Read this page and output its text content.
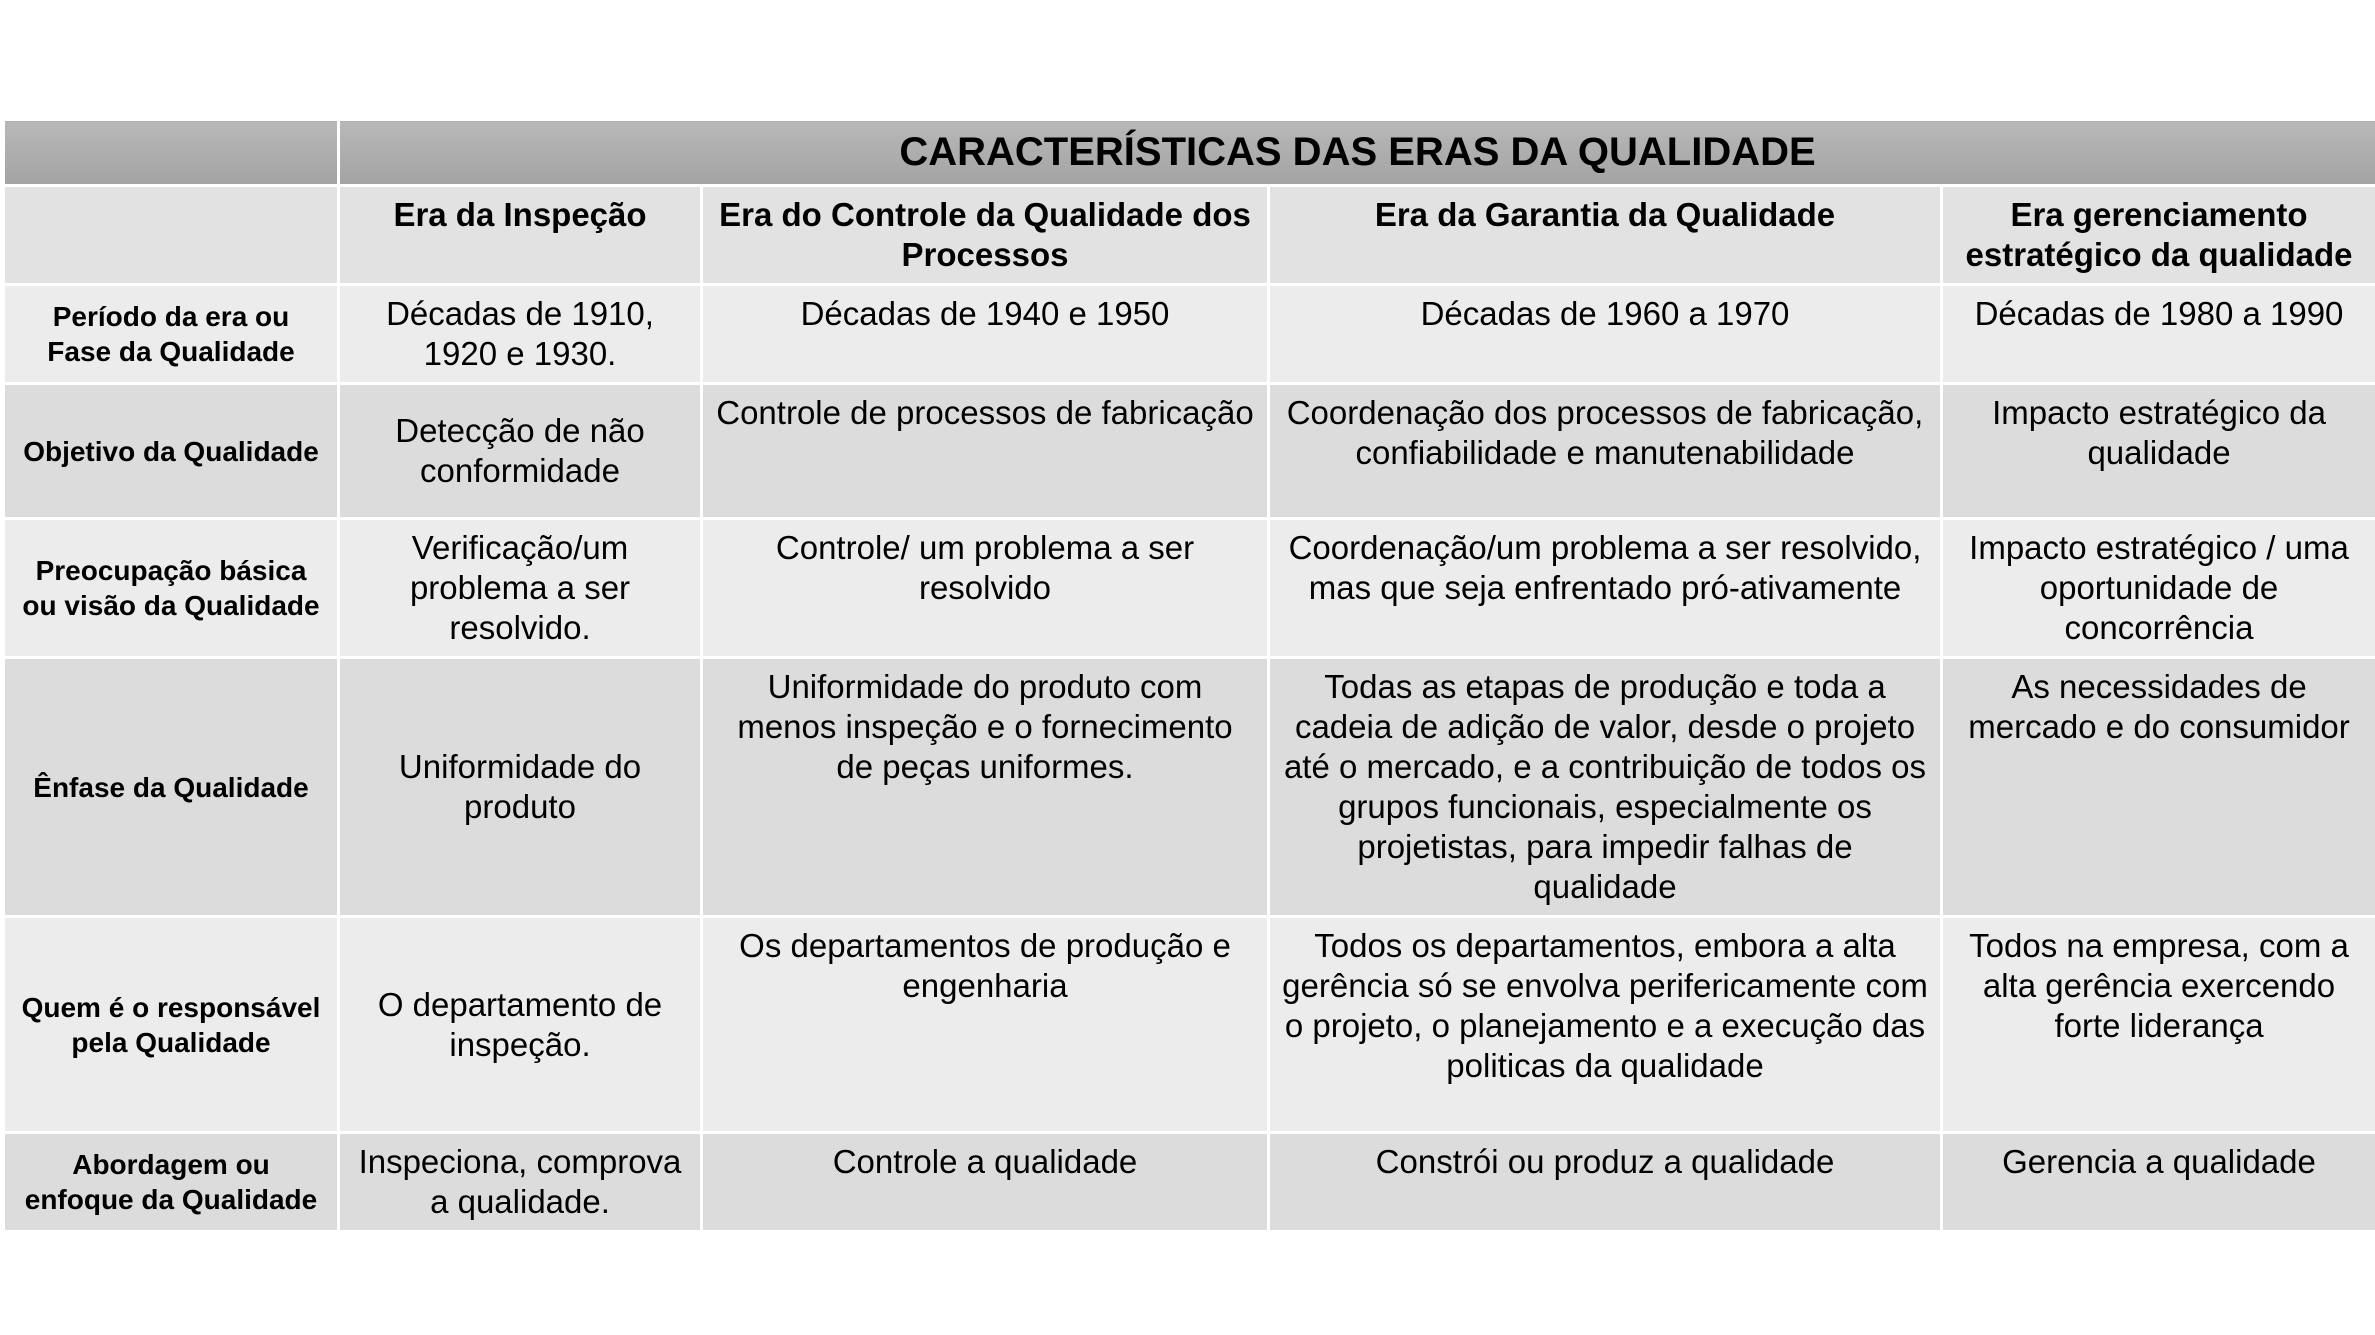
	CARACTERÍSTICAS DAS ERAS DA QUALIDADE			
	Era da Inspeção	Era do Controle da Qualidade dos Processos	Era da Garantia da Qualidade	Era gerenciamento estratégico da qualidade
Período da era ou Fase da Qualidade	Décadas de 1910, 1920 e 1930.	Décadas de 1940 e 1950	Décadas de 1960 a 1970	Décadas de 1980 a 1990
Objetivo da Qualidade	Detecção de não conformidade	Controle de processos de fabricação	Coordenação dos processos de fabricação, confiabilidade e manutenabilidade	Impacto estratégico da qualidade
Preocupação básica ou visão da Qualidade	Verificação/um problema a ser resolvido.	Controle/ um problema a ser resolvido	Coordenação/um problema a ser resolvido, mas que seja enfrentado pró-ativamente	Impacto estratégico / uma oportunidade de concorrência
Ênfase da Qualidade	Uniformidade do produto	Uniformidade do produto com menos inspeção e o fornecimento de peças uniformes.	Todas as etapas de produção e toda a cadeia de adição de valor, desde o projeto até o mercado, e a contribuição de todos os grupos funcionais, especialmente os projetistas, para impedir falhas de qualidade	As necessidades de mercado e do consumidor
Quem é o responsável pela Qualidade	O departamento de inspeção.	Os departamentos de produção e engenharia	Todos os departamentos, embora a alta gerência só se envolva perifericamente com o projeto, o planejamento e a execução das politicas da qualidade	Todos na empresa, com a alta gerência exercendo forte liderança
Abordagem ou enfoque da Qualidade	Inspeciona, comprova a qualidade.	Controle a qualidade	Constrói ou produz a qualidade	Gerencia a qualidade
